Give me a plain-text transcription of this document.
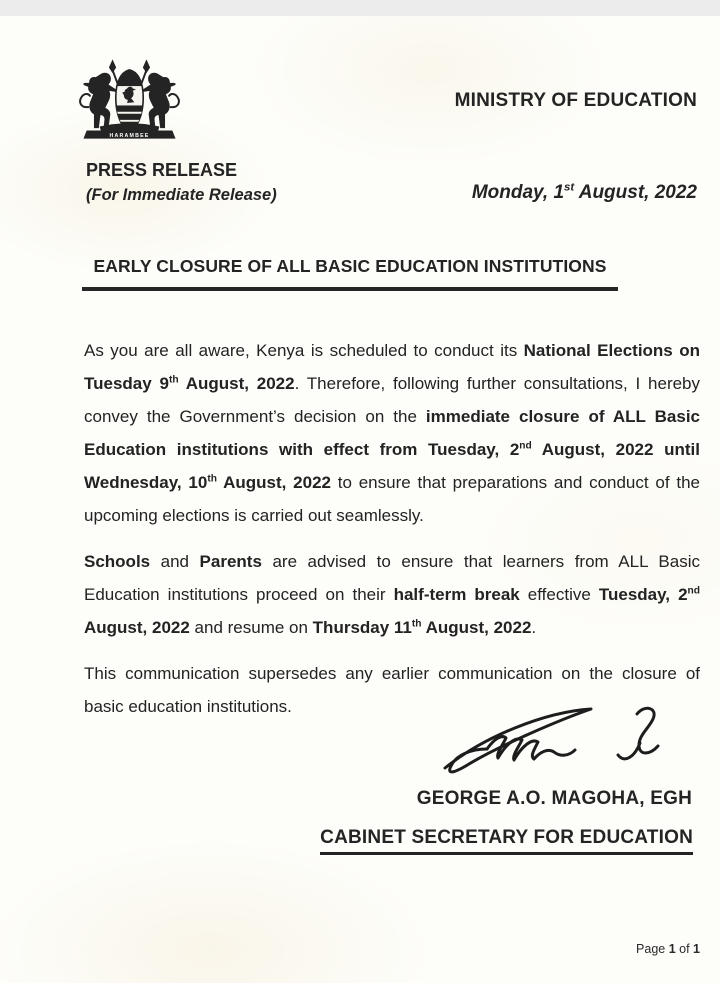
HARAMBEE
MINISTRY OF EDUCATION
PRESS RELEASE
(For Immediate Release)	Monday, 1st August, 2022
EARLY CLOSURE OF ALL BASIC EDUCATION INSTITUTIONS

As you are all aware, Kenya is scheduled to conduct its National Elections on Tuesday 9th August, 2022. Therefore, following further consultations, I hereby convey the Government’s decision on the immediate closure of ALL Basic Education institutions with effect from Tuesday, 2nd August, 2022 until Wednesday, 10th August, 2022 to ensure that preparations and conduct of the upcoming elections is carried out seamlessly.

Schools and Parents are advised to ensure that learners from ALL Basic Education institutions proceed on their half-term break effective Tuesday, 2nd August, 2022 and resume on Thursday 11th August, 2022.

This communication supersedes any earlier communication on the closure of basic education institutions.

GEORGE A.O. MAGOHA, EGH
CABINET SECRETARY FOR EDUCATION
Page 1 of 1
